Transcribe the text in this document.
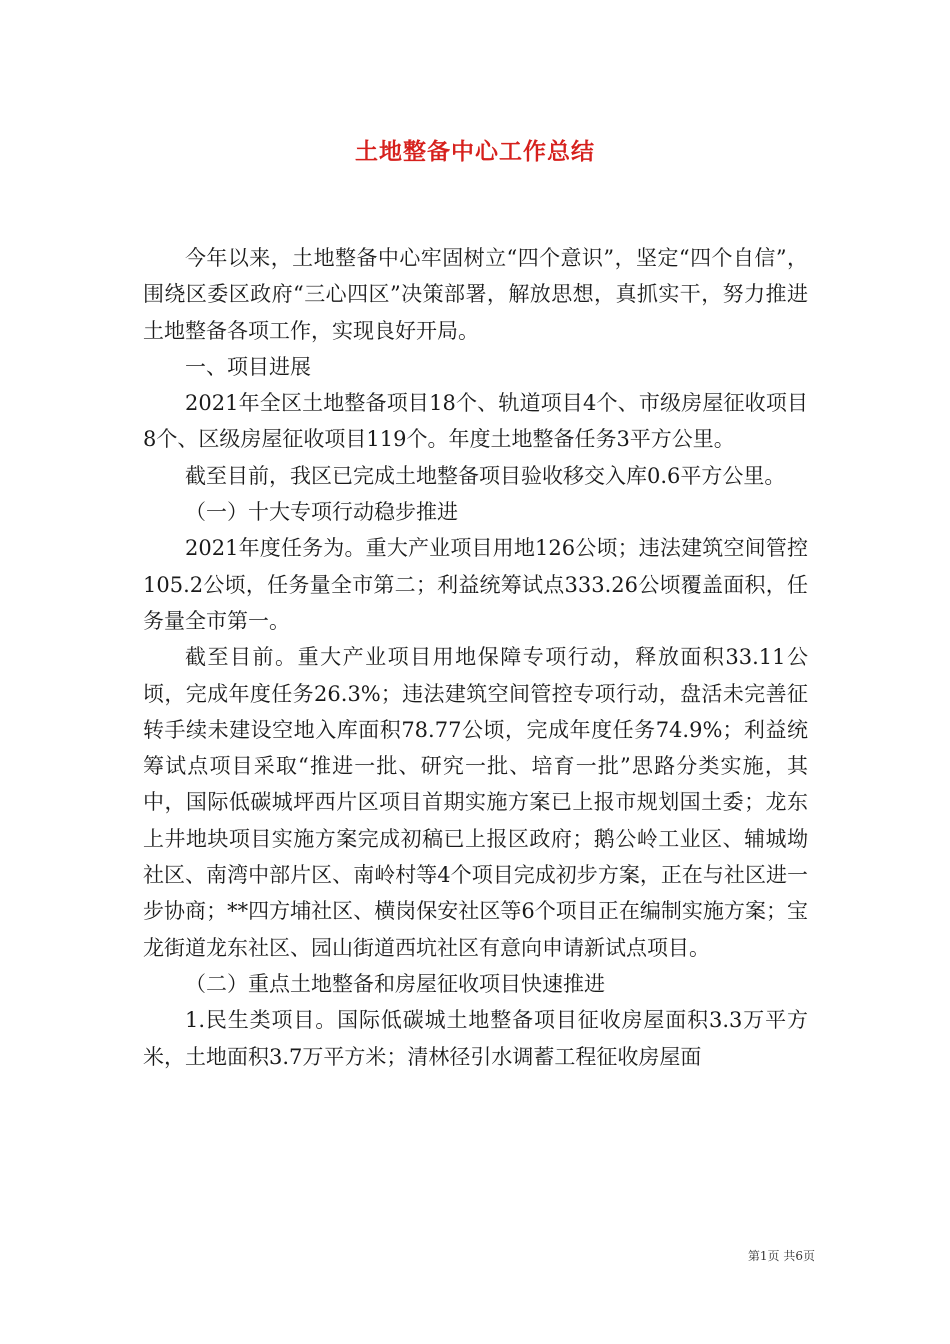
土地整备中心工作总结

今年以来，土地整备中心牢固树立“四个意识”，坚定“四个自信”，围绕区委区政府“三心四区”决策部署，解放思想，真抓实干，努力推进土地整备各项工作，实现良好开局。

一、项目进展

2021年全区土地整备项目18个、轨道项目4个、市级房屋征收项目8个、区级房屋征收项目119个。年度土地整备任务3平方公里。

截至目前，我区已完成土地整备项目验收移交入库0.6平方公里。

（一）十大专项行动稳步推进

2021年度任务为。重大产业项目用地126公顷；违法建筑空间管控105.2公顷，任务量全市第二；利益统筹试点333.26公顷覆盖面积，任务量全市第一。

截至目前。重大产业项目用地保障专项行动，释放面积33.11公顷，完成年度任务26.3%；违法建筑空间管控专项行动，盘活未完善征转手续未建设空地入库面积78.77公顷，完成年度任务74.9%；利益统筹试点项目采取“推进一批、研究一批、培育一批”思路分类实施，其中，国际低碳城坪西片区项目首期实施方案已上报市规划国土委；龙东上井地块项目实施方案完成初稿已上报区政府；鹅公岭工业区、辅城坳社区、南湾中部片区、南岭村等4个项目完成初步方案，正在与社区进一步协商；**四方埔社区、横岗保安社区等6个项目正在编制实施方案；宝龙街道龙东社区、园山街道西坑社区有意向申请新试点项目。

（二）重点土地整备和房屋征收项目快速推进

1.民生类项目。国际低碳城土地整备项目征收房屋面积3.3万平方米，土地面积3.7万平方米；清林径引水调蓄工程征收房屋面

第1页 共6页
